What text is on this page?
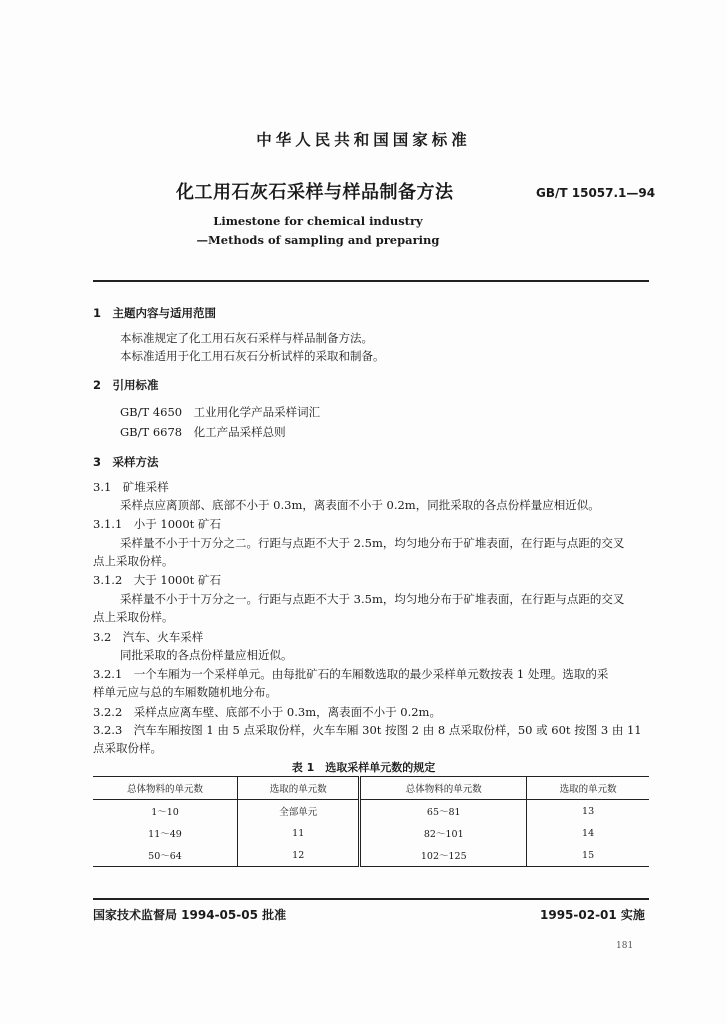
中华人民共和国国家标准
化工用石灰石采样与样品制备方法	GB/T 15057.1—94
Limestone for chemical industry
—Methods of sampling and preparing
1　主题内容与适用范围
本标准规定了化工用石灰石采样与样品制备方法。
本标准适用于化工用石灰石分析试样的采取和制备。
2　引用标准
GB/T 4650　工业用化学产品采样词汇
GB/T 6678　化工产品采样总则
3　采样方法
3.1　矿堆采样
采样点应离顶部、底部不小于 0.3m，离表面不小于 0.2m，同批采取的各点份样量应相近似。
3.1.1　小于 1000t 矿石
采样量不小于十万分之二。行距与点距不大于 2.5m，均匀地分布于矿堆表面，在行距与点距的交叉
点上采取份样。
3.1.2　大于 1000t 矿石
采样量不小于十万分之一。行距与点距不大于 3.5m，均匀地分布于矿堆表面，在行距与点距的交叉
点上采取份样。
3.2　汽车、火车采样
同批采取的各点份样量应相近似。
3.2.1　一个车厢为一个采样单元。由每批矿石的车厢数选取的最少采样单元数按表 1 处理。选取的采
样单元应与总的车厢数随机地分布。
3.2.2　采样点应离车壁、底部不小于 0.3m，离表面不小于 0.2m。
3.2.3　汽车车厢按图 1 由 5 点采取份样，火车车厢 30t 按图 2 由 8 点采取份样，50 或 60t 按图 3 由 11
点采取份样。
表 1　选取采样单元数的规定
总体物料的单元数	选取的单元数	总体物料的单元数	选取的单元数
1～10	全部单元	65～81	13
11～49	11	82～101	14
50～64	12	102～125	15
国家技术监督局 1994-05-05 批准	1995-02-01 实施
181
